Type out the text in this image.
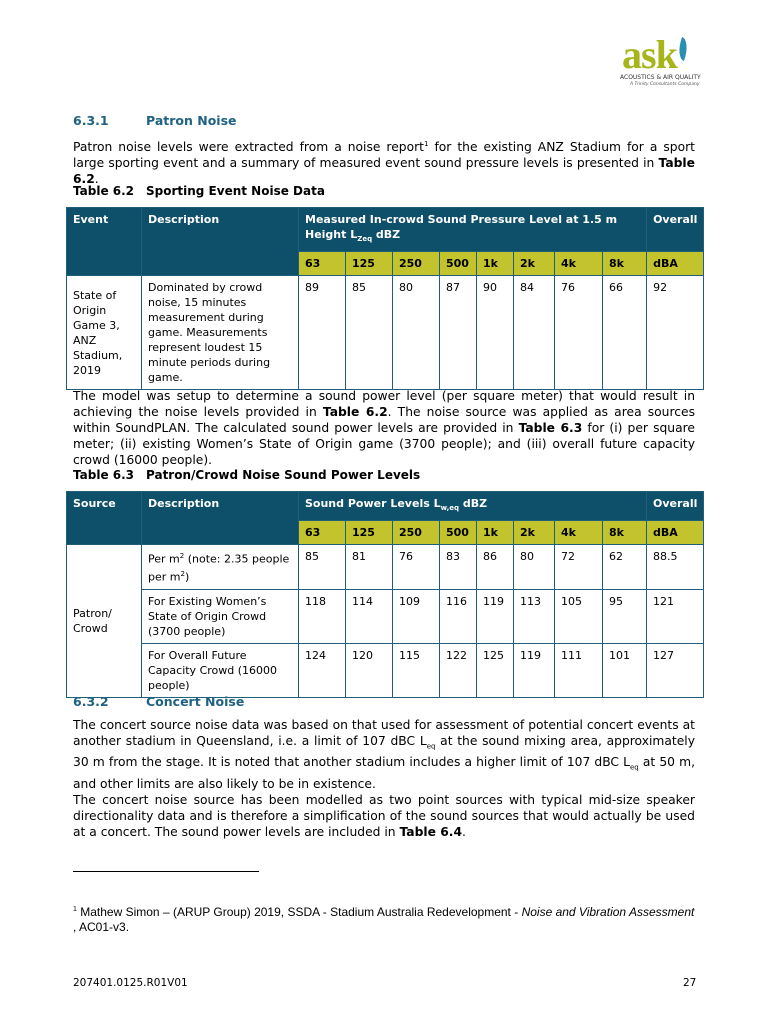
ask
ACOUSTICS & AIR QUALITY
A Trinity Consultants Company
6.3.1	Patron Noise
Patron noise levels were extracted from a noise report$^1$ for the existing ANZ Stadium for a sport large sporting event and a summary of measured event sound pressure levels is presented in Table 6.2.
Table 6.2 Sporting Event Noise Data
Event	Description	Measured In-crowd Sound Pressure Level at 1.5 m Height $L_{Zeq}$ dBZ								Overall
		63	125	250	500	1k	2k	4k	8k	dBA
State of Origin Game 3, ANZ Stadium, 2019	Dominated by crowd noise, 15 minutes measurement during game. Measurements represent loudest 15 minute periods during game.	89	85	80	87	90	84	76	66	92
The model was setup to determine a sound power level (per square meter) that would result in achieving the noise levels provided in Table 6.2. The noise source was applied as area sources within SoundPLAN. The calculated sound power levels are provided in Table 6.3 for (i) per square meter; (ii) existing Women’s State of Origin game (3700 people); and (iii) overall future capacity crowd (16000 people).
Table 6.3 Patron/Crowd Noise Sound Power Levels
Source	Description	Sound Power Levels $L_{w,eq}$ dBZ								Overall
		63	125	250	500	1k	2k	4k	8k	dBA
Patron/ Crowd	Per $m^2$ (note: 2.35 people per $m^2$)	85	81	76	83	86	80	72	62	88.5
	For Existing Women’s State of Origin Crowd (3700 people)	118	114	109	116	119	113	105	95	121
	For Overall Future Capacity Crowd (16000 people)	124	120	115	122	125	119	111	101	127
6.3.2	Concert Noise
The concert source noise data was based on that used for assessment of potential concert events at another stadium in Queensland, i.e. a limit of 107 dBC $L_{eq}$ at the sound mixing area, approximately 30 m from the stage. It is noted that another stadium includes a higher limit of 107 dBC $L_{eq}$ at 50 m, and other limits are also likely to be in existence.
The concert noise source has been modelled as two point sources with typical mid-size speaker directionality data and is therefore a simplification of the sound sources that would actually be used at a concert. The sound power levels are included in Table 6.4.
$^1$ Mathew Simon – (ARUP Group) 2019, SSDA - Stadium Australia Redevelopment - Noise and Vibration Assessment , AC01-v3.
207401.0125.R01V01	27
